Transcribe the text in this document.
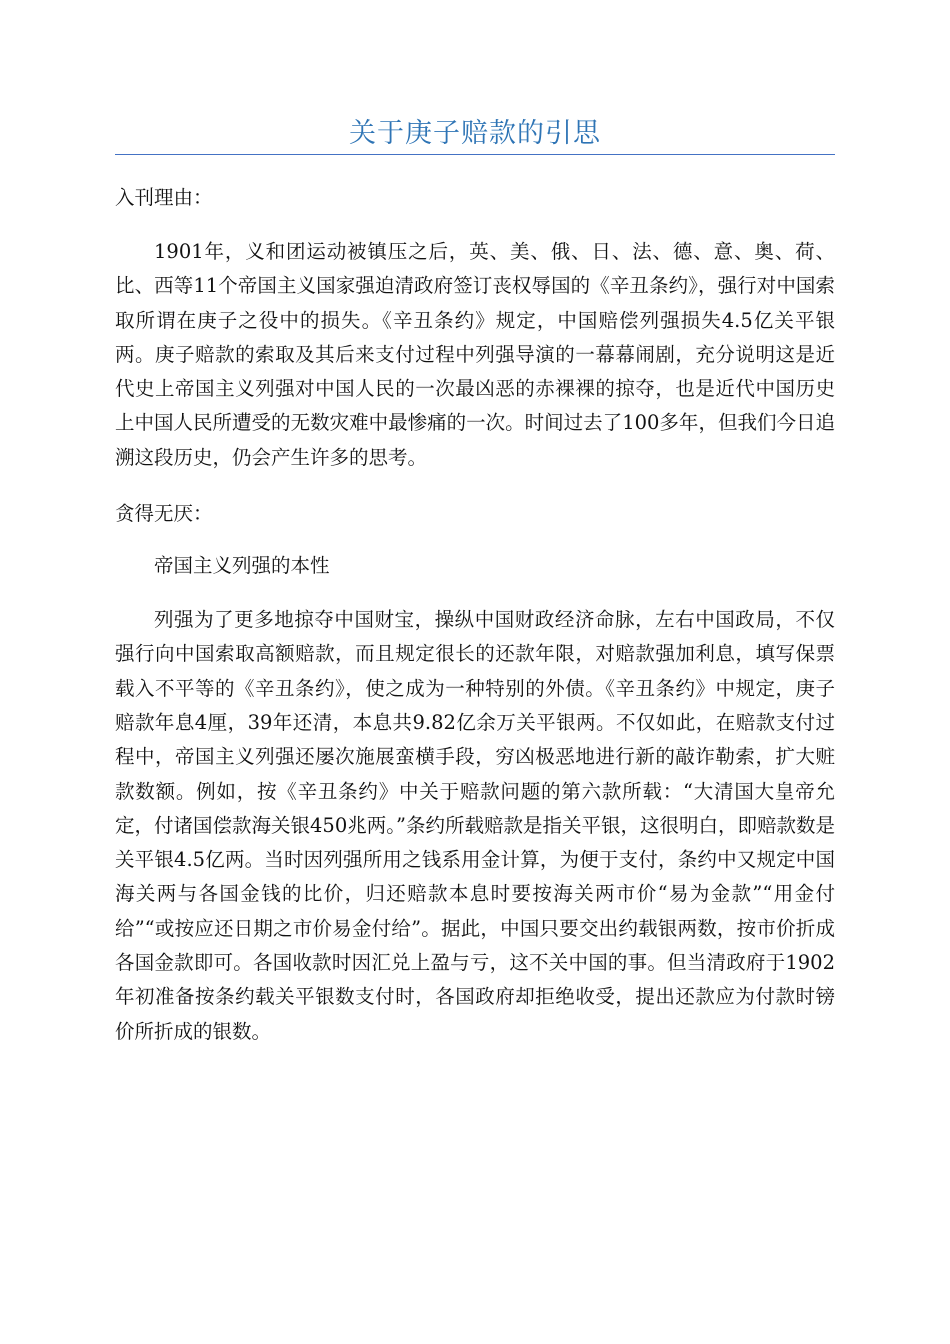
关于庚子赔款的引思

入刊理由：

1901年，义和团运动被镇压之后，英、美、俄、日、法、德、意、奥、荷、比、西等11个帝国主义国家强迫清政府签订丧权辱国的《辛丑条约》，强行对中国索取所谓在庚子之役中的损失。《辛丑条约》规定，中国赔偿列强损失4.5亿关平银两。庚子赔款的索取及其后来支付过程中列强导演的一幕幕闹剧，充分说明这是近代史上帝国主义列强对中国人民的一次最凶恶的赤裸裸的掠夺，也是近代中国历史上中国人民所遭受的无数灾难中最惨痛的一次。时间过去了100多年，但我们今日追溯这段历史，仍会产生许多的思考。

贪得无厌：

帝国主义列强的本性

列强为了更多地掠夺中国财宝，操纵中国财政经济命脉，左右中国政局，不仅强行向中国索取高额赔款，而且规定很长的还款年限，对赔款强加利息，填写保票载入不平等的《辛丑条约》，使之成为一种特别的外债。《辛丑条约》中规定，庚子赔款年息4厘，39年还清，本息共9.82亿余万关平银两。不仅如此，在赔款支付过程中，帝国主义列强还屡次施展蛮横手段，穷凶极恶地进行新的敲诈勒索，扩大赃款数额。例如，按《辛丑条约》中关于赔款问题的第六款所载：“大清国大皇帝允定，付诸国偿款海关银450兆两。”条约所载赔款是指关平银，这很明白，即赔款数是关平银4.5亿两。当时因列强所用之钱系用金计算，为便于支付，条约中又规定中国海关两与各国金钱的比价，归还赔款本息时要按海关两市价“易为金款”“用金付给”“或按应还日期之市价易金付给”。据此，中国只要交出约载银两数，按市价折成各国金款即可。各国收款时因汇兑上盈与亏，这不关中国的事。但当清政府于1902年初准备按条约载关平银数支付时，各国政府却拒绝收受，提出还款应为付款时镑价所折成的银数。
